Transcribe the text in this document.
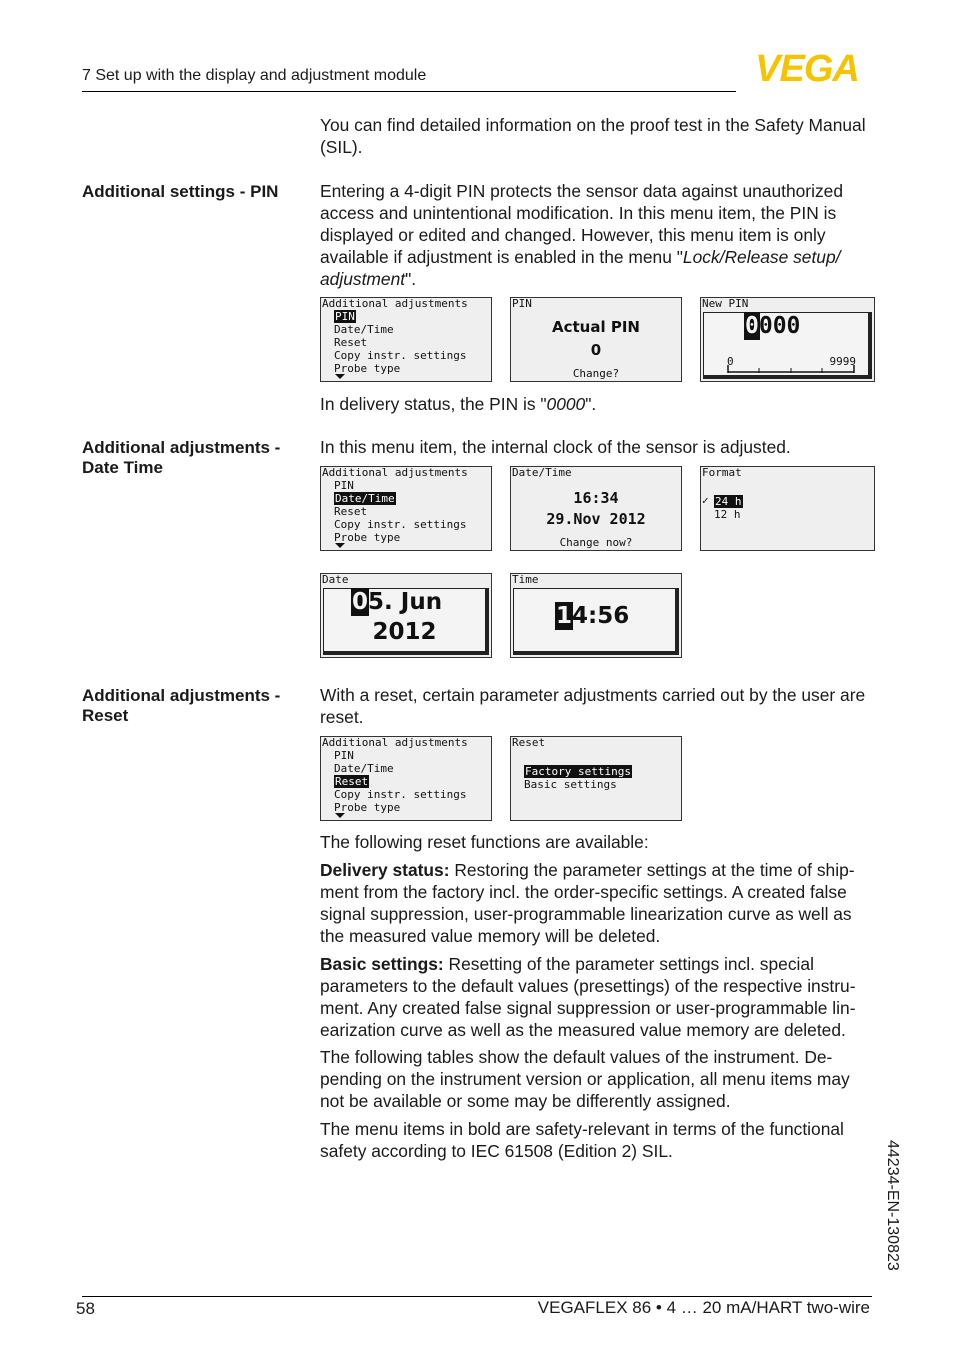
7 Set up with the display and adjustment module	VEGA

You can find detailed information on the proof test in the Safety Manual (SIL).

Additional settings - PIN	Entering a 4-digit PIN protects the sensor data against unauthorized access and unintentional modification. In this menu item, the PIN is displayed or edited and changed. However, this menu item is only available if adjustment is enabled in the menu "Lock/Release setup/ adjustment".

Additional adjustments
PIN
Date/Time
Reset
Copy instr. settings
Probe type
PIN
Actual PIN
0
Change?
New PIN
0000
0	9999

In delivery status, the PIN is "0000".

Additional adjustments - Date Time

In this menu item, the internal clock of the sensor is adjusted.

Additional adjustments
PIN
Date/Time
Reset
Copy instr. settings
Probe type
Date/Time
16:34
29.Nov 2012
Change now?
Format
✓ 24 h
12 h
Date
05. Jun
2012
Time
14:56
Additional adjustments - Reset

With a reset, certain parameter adjustments carried out by the user are reset.

Additional adjustments
PIN
Date/Time
Reset
Copy instr. settings
Probe type
Reset
Factory settings
Basic settings

The following reset functions are available:

Delivery status: Restoring the parameter settings at the time of ship-ment from the factory incl. the order-specific settings. A created false signal suppression, user-programmable linearization curve as well as the measured value memory will be deleted.

Basic settings: Resetting of the parameter settings incl. special parameters to the default values (presettings) of the respective instru-ment. Any created false signal suppression or user-programmable lin-earization curve as well as the measured value memory are deleted.

The following tables show the default values of the instrument. De-pending on the instrument version or application, all menu items may not be available or some may be differently assigned.

The menu items in bold are safety-relevant in terms of the functional safety according to IEC 61508 (Edition 2) SIL.	44234-EN-130823
58	VEGAFLEX 86 • 4 … 20 mA/HART two-wire
